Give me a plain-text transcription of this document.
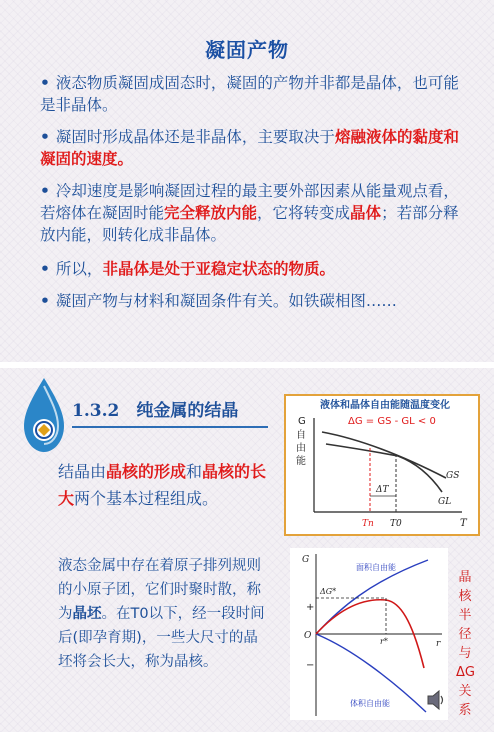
凝固产物
• 液态物质凝固成固态时，凝固的产物并非都是晶体，也可能是非晶体。
• 凝固时形成晶体还是非晶体，主要取决于熔融液体的黏度和凝固的速度。
• 冷却速度是影响凝固过程的最主要外部因素从能量观点看，若熔体在凝固时能完全释放内能，它将转变成晶体；若部分释放内能，则转化成非晶体。
• 所以，非晶体是处于亚稳定状态的物质。
• 凝固产物与材料和凝固条件有关。如铁碳相图……
1.3.2　纯金属的结晶
结晶由晶核的形成和晶核的长大两个基本过程组成。
液态金属中存在着原子排列规则的小原子团，它们时聚时散，称为晶坯。在T0以下，经一段时间后(即孕育期)，一些大尺寸的晶坯将会长大，称为晶核。
液体和晶体自由能随温度变化
ΔG = GS - GL < 0
G
自
由
能
T
ΔT
GS
GL
Tn T0
G
r
O
+
−
ΔG*
r*
面积自由能
体积自由能
晶核半径与ΔG关系
